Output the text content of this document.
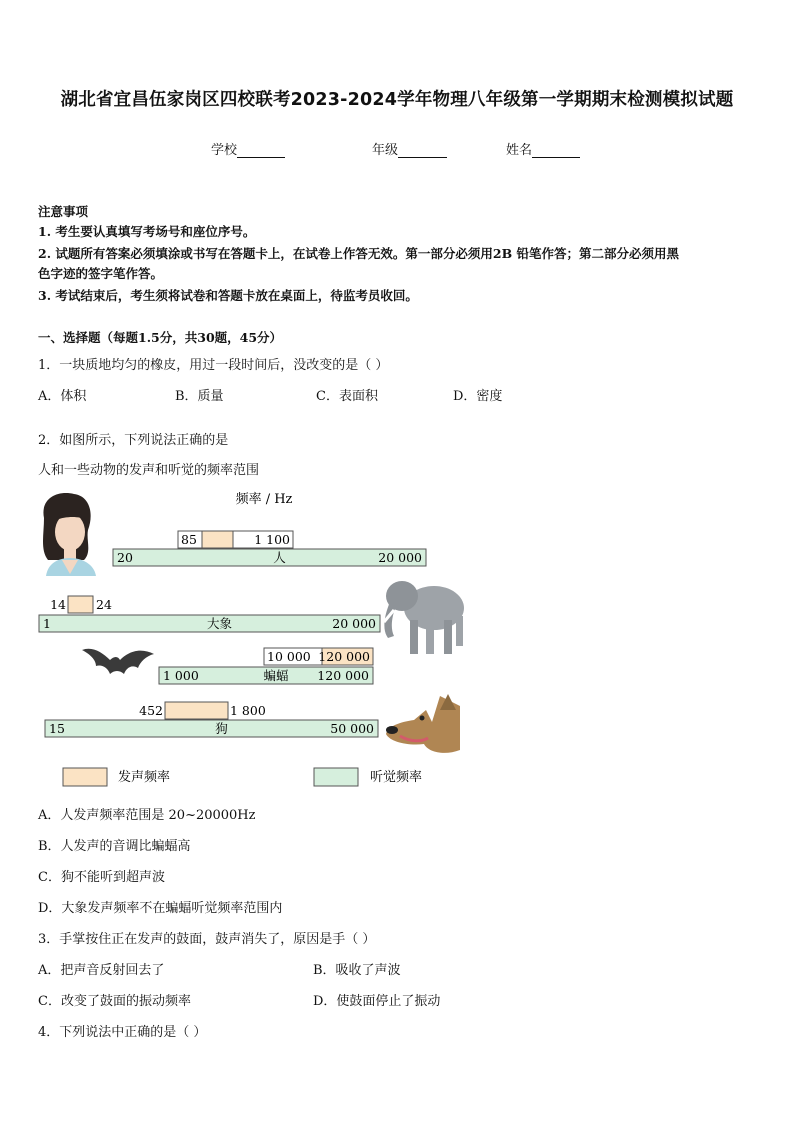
湖北省宜昌伍家岗区四校联考2023-2024学年物理八年级第一学期期末检测模拟试题
学校	年级	姓名
注意事项
1. 考生要认真填写考场号和座位序号。
2. 试题所有答案必须填涂或书写在答题卡上，在试卷上作答无效。第一部分必须用2B 铅笔作答；第二部分必须用黑
色字迹的签字笔作答。
3. 考试结束后，考生须将试卷和答题卡放在桌面上，待监考员收回。
一、选择题（每题1.5分，共30题，45分）
1．一块质地均匀的橡皮，用过一段时间后，没改变的是（ ）
A．体积	B．质量	C．表面积	D．密度
2．如图所示，下列说法正确的是
人和一些动物的发声和听觉的频率范围
频率 / Hz
85	1 100
20	20 000
人
14 24
1	20 000
大象
10 000 120 000
1 000	120 000
蝙蝠
452	1 800
15	50 000
狗
发声频率	听觉频率
A．人发声频率范围是 20~20000Hz
B．人发声的音调比蝙蝠高
C．狗不能听到超声波
D．大象发声频率不在蝙蝠听觉频率范围内
3．手掌按住正在发声的鼓面，鼓声消失了，原因是手（ ）
A．把声音反射回去了	B．吸收了声波
C．改变了鼓面的振动频率	D．使鼓面停止了振动
4．下列说法中正确的是（ ）
